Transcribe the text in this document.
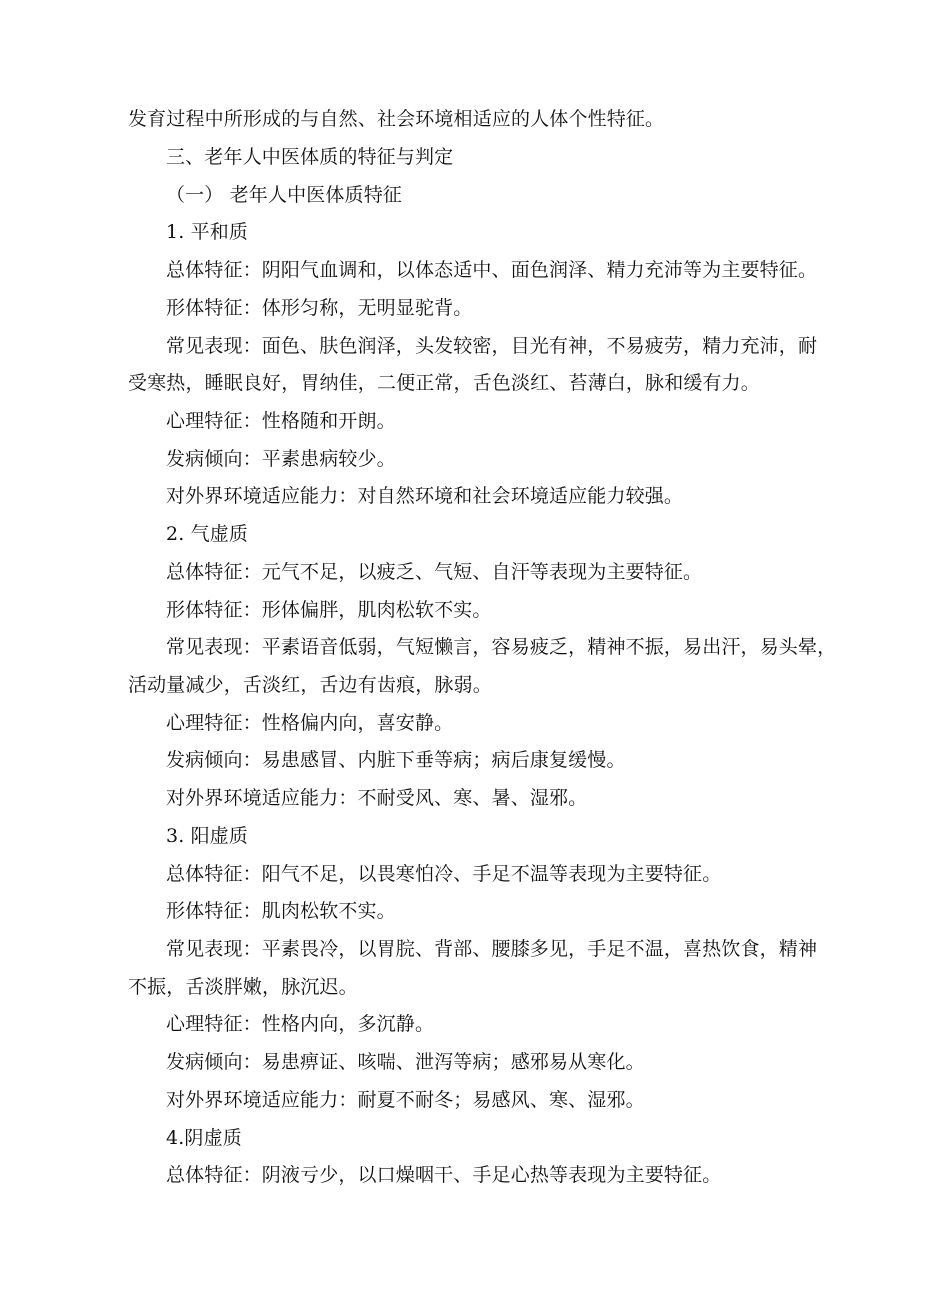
发育过程中所形成的与自然、社会环境相适应的人体个性特征。
三、老年人中医体质的特征与判定
（一） 老年人中医体质特征
1. 平和质
总体特征：阴阳气血调和，以体态适中、面色润泽、精力充沛等为主要特征。
形体特征：体形匀称，无明显驼背。
常见表现：面色、肤色润泽，头发较密，目光有神，不易疲劳，精力充沛，耐
受寒热，睡眠良好，胃纳佳，二便正常，舌色淡红、苔薄白，脉和缓有力。
心理特征：性格随和开朗。
发病倾向：平素患病较少。
对外界环境适应能力：对自然环境和社会环境适应能力较强。
2. 气虚质
总体特征：元气不足，以疲乏、气短、自汗等表现为主要特征。
形体特征：形体偏胖，肌肉松软不实。
常见表现：平素语音低弱，气短懒言，容易疲乏，精神不振，易出汗，易头晕，
活动量减少，舌淡红，舌边有齿痕，脉弱。
心理特征：性格偏内向，喜安静。
发病倾向：易患感冒、内脏下垂等病；病后康复缓慢。
对外界环境适应能力：不耐受风、寒、暑、湿邪。
3. 阳虚质
总体特征：阳气不足，以畏寒怕冷、手足不温等表现为主要特征。
形体特征：肌肉松软不实。
常见表现：平素畏冷，以胃脘、背部、腰膝多见，手足不温，喜热饮食，精神
不振，舌淡胖嫩，脉沉迟。
心理特征：性格内向，多沉静。
发病倾向：易患痹证、咳喘、泄泻等病；感邪易从寒化。
对外界环境适应能力：耐夏不耐冬；易感风、寒、湿邪。
4.阴虚质
总体特征：阴液亏少，以口燥咽干、手足心热等表现为主要特征。
